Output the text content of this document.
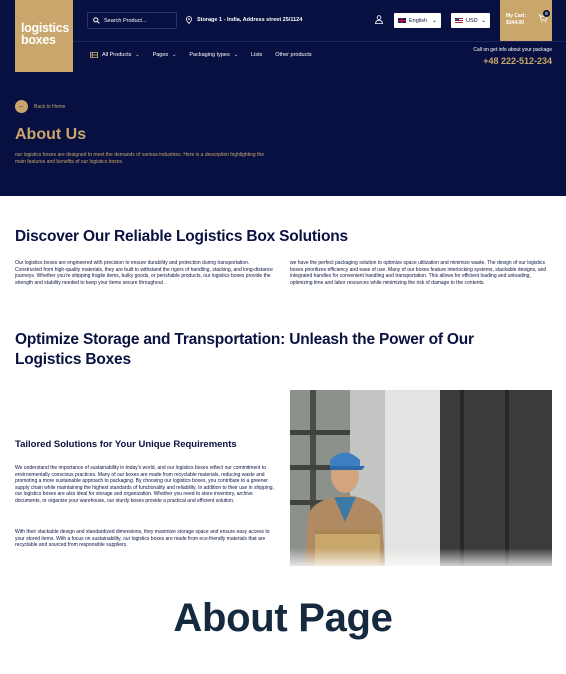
logistics
boxes
Search Product...
Storage 1 - India, Address street 25/1124	English ⌄	USD ⌄
My Cart:
$344.00
0
All Products ⌄ Pages ⌄ Packaging types ⌄ Lists Other products
Call on get info about your package
+48 222-512-234
←	Back to Home
About Us

our logistics boxes are designed to meet the demands of various industries. Here is a description highlighting the main features and benefits of our logistics boxes.

Discover Our Reliable Logistics Box Solutions

Our logistics boxes are engineered with precision to ensure durability and protection during transportation. Constructed from high-quality materials, they are built to withstand the rigors of handling, stacking, and long-distance journeys. Whether you're shipping fragile items, bulky goods, or perishable products, our logistics boxes provide the strength and stability needed to keep your items secure throughout .

we have the perfect packaging solution to optimize space utilization and minimize waste. The design of our logistics boxes prioritizes efficiency and ease of use. Many of our boxes feature interlocking systems, stackable designs, and integrated handles for convenient handling and transportation. This allows for efficient loading and unloading, optimizing time and labor resources while minimizing the risk of damage to the contents.

Optimize Storage and Transportation: Unleash the Power of Our Logistics Boxes
Tailored Solutions for Your Unique Requirements

We understand the importance of sustainability in today's world, and our logistics boxes reflect our commitment to environmentally conscious practices. Many of our boxes are made from recyclable materials, reducing waste and promoting a more sustainable approach to packaging. By choosing our logistics boxes, you contribute to a greener supply chain while maintaining the highest standards of functionality and reliability. In addition to their use in shipping, our logistics boxes are also ideal for storage and organization. Whether you need to store inventory, archive documents, or organize your warehouse, our sturdy boxes provide a practical and efficient solution.

With their stackable design and standardized dimensions, they maximize storage space and ensure easy access to your stored items. With a focus on sustainability, our logistics boxes are made from eco-friendly materials that are recyclable and sourced from responsible suppliers.

About Page
